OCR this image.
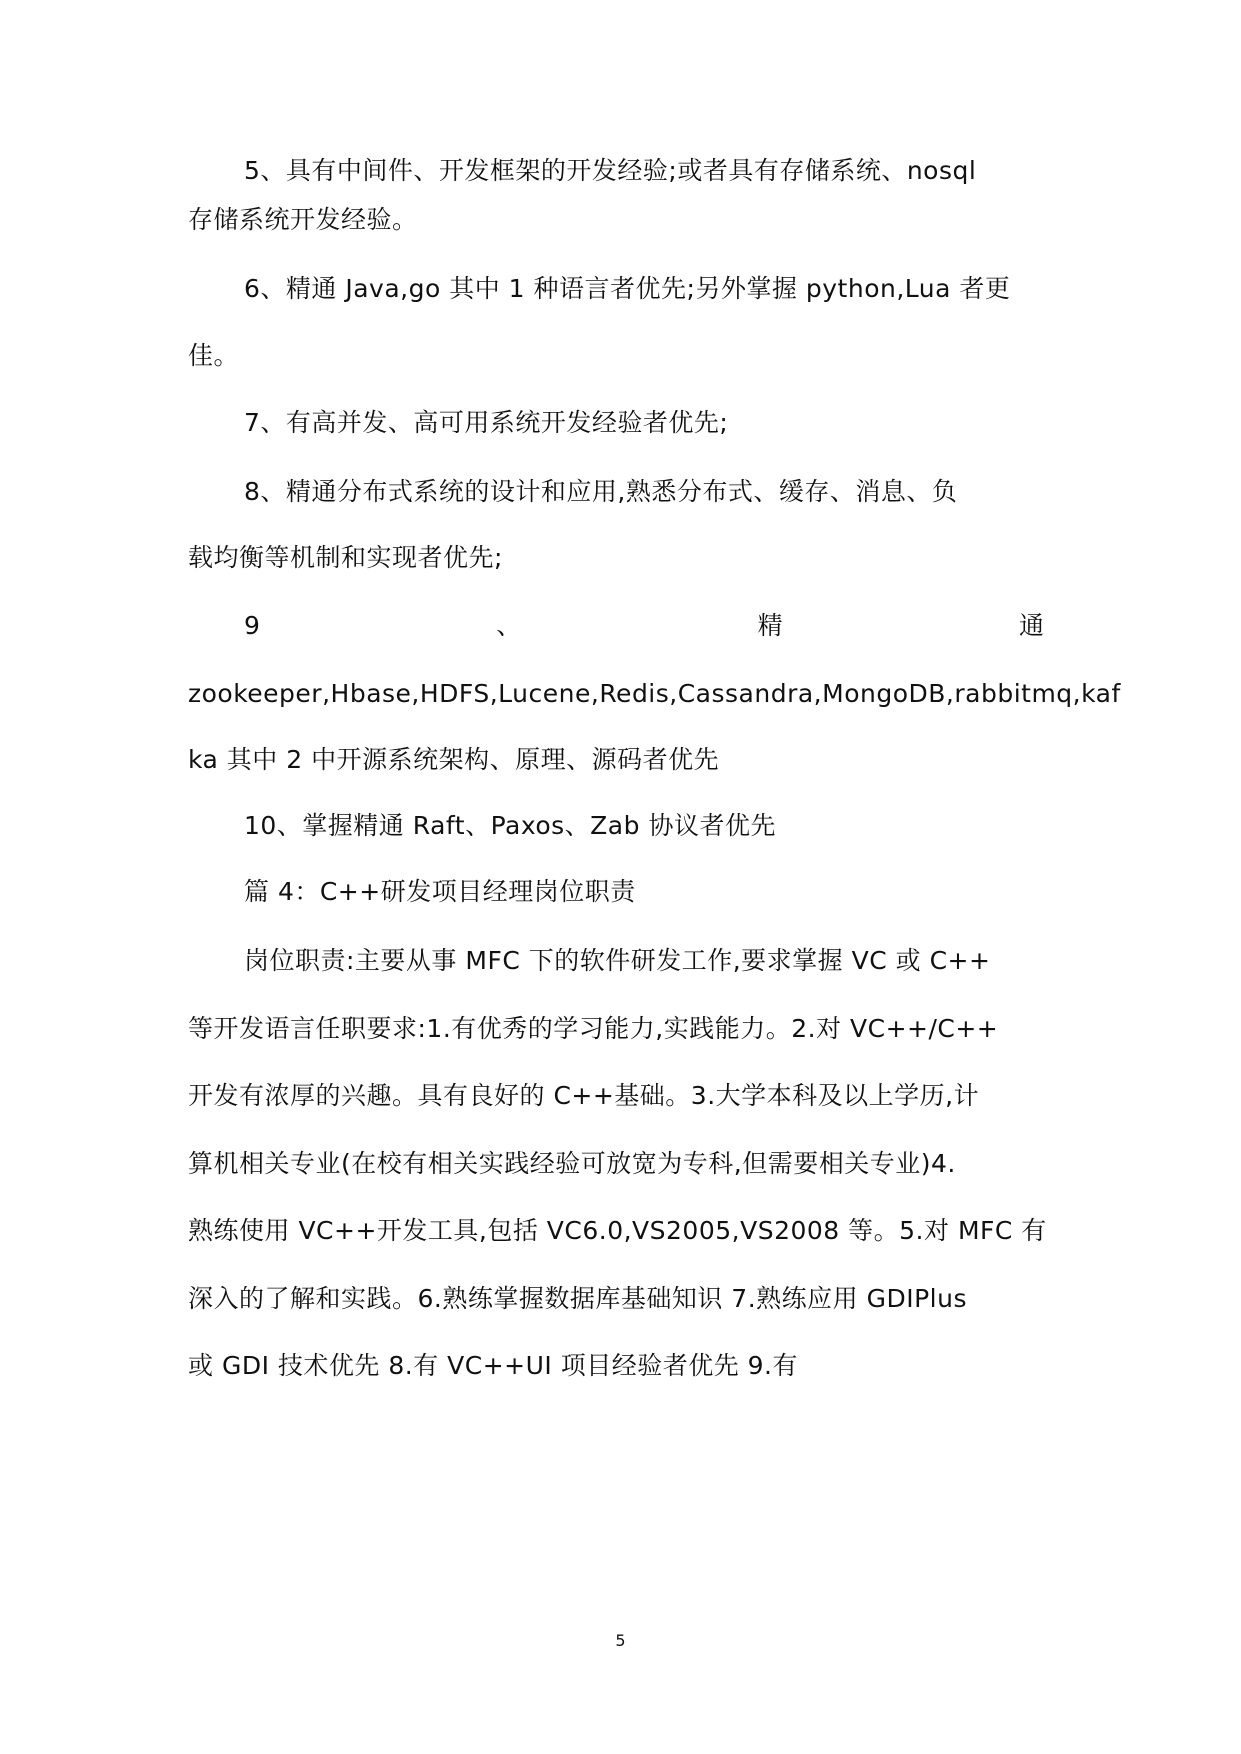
5、具有中间件、开发框架的开发经验;或者具有存储系统、nosql
存储系统开发经验。
6、精通 Java,go 其中 1 种语言者优先;另外掌握 python,Lua 者更
佳。
7、有高并发、高可用系统开发经验者优先;
8、精通分布式系统的设计和应用,熟悉分布式、缓存、消息、负
载均衡等机制和实现者优先;
9	、	精	通
zookeeper,Hbase,HDFS,Lucene,Redis,Cassandra,MongoDB,rabbitmq,kaf
ka 其中 2 中开源系统架构、原理、源码者优先
10、掌握精通 Raft、Paxos、Zab 协议者优先
篇 4：C++研发项目经理岗位职责
岗位职责:主要从事 MFC 下的软件研发工作,要求掌握 VC 或 C++
等开发语言任职要求:1.有优秀的学习能力,实践能力。2.对 VC++/C++
开发有浓厚的兴趣。具有良好的 C++基础。3.大学本科及以上学历,计
算机相关专业(在校有相关实践经验可放宽为专科,但需要相关专业)4.
熟练使用 VC++开发工具,包括 VC6.0,VS2005,VS2008 等。5.对 MFC 有
深入的了解和实践。6.熟练掌握数据库基础知识 7.熟练应用 GDIPlus
或 GDI 技术优先 8.有 VC++UI 项目经验者优先 9.有
5
